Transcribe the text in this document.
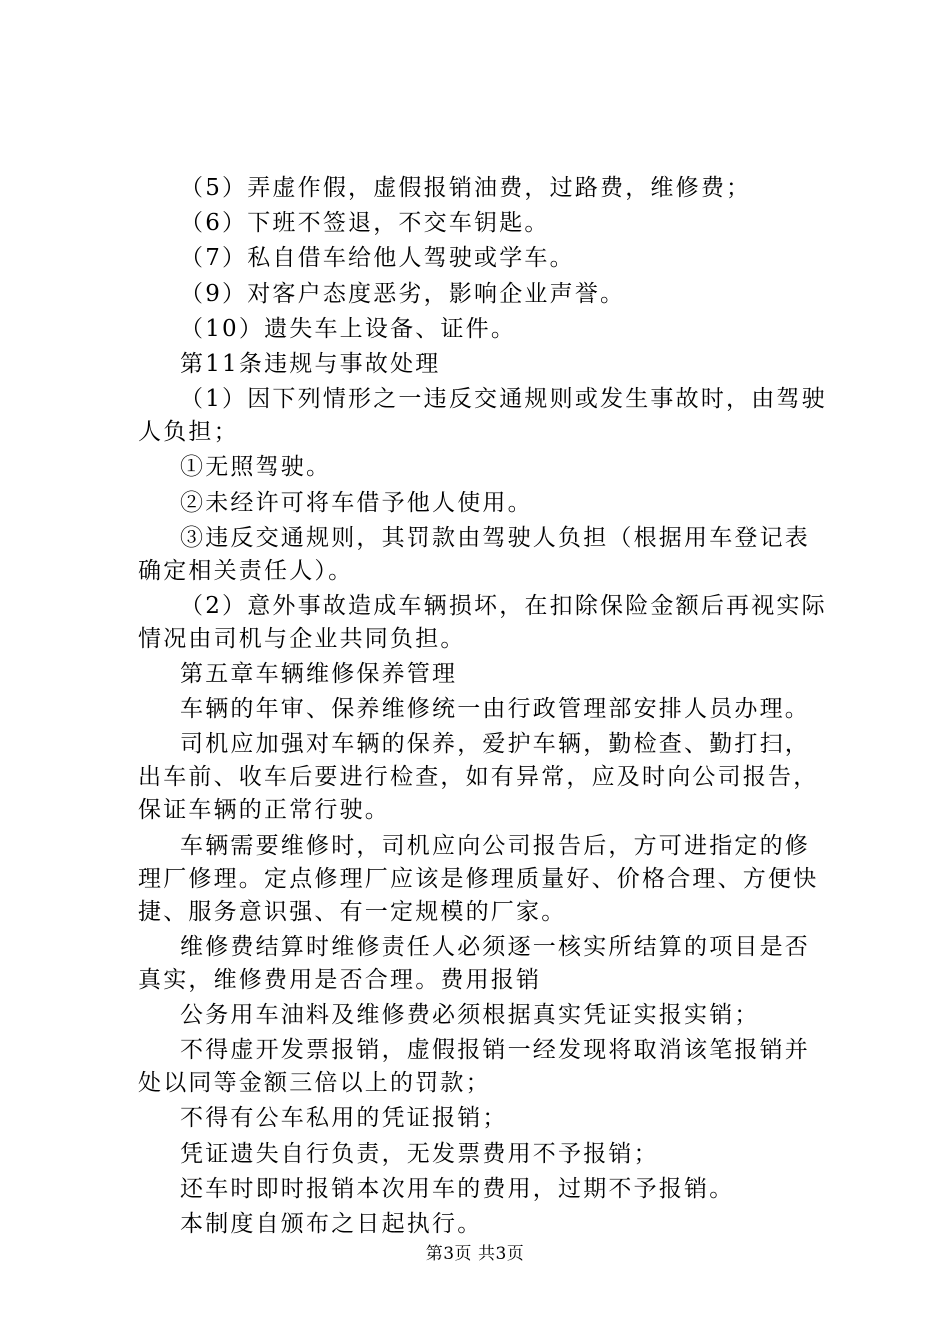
（5）弄虚作假，虚假报销油费，过路费，维修费；

（6）下班不签退，不交车钥匙。

（7）私自借车给他人驾驶或学车。

（9）对客户态度恶劣，影响企业声誉。

（10）遗失车上设备、证件。

第11条违规与事故处理

（1）因下列情形之一违反交通规则或发生事故时，由驾驶人负担；

①无照驾驶。

②未经许可将车借予他人使用。

③违反交通规则，其罚款由驾驶人负担（根据用车登记表确定相关责任人）。

（2）意外事故造成车辆损坏，在扣除保险金额后再视实际情况由司机与企业共同负担。

第五章车辆维修保养管理

车辆的年审、保养维修统一由行政管理部安排人员办理。

司机应加强对车辆的保养，爱护车辆，勤检查、勤打扫，出车前、收车后要进行检查，如有异常，应及时向公司报告，保证车辆的正常行驶。

车辆需要维修时，司机应向公司报告后，方可进指定的修理厂修理。定点修理厂应该是修理质量好、价格合理、方便快捷、服务意识强、有一定规模的厂家。

维修费结算时维修责任人必须逐一核实所结算的项目是否真实，维修费用是否合理。费用报销

公务用车油料及维修费必须根据真实凭证实报实销；

不得虚开发票报销，虚假报销一经发现将取消该笔报销并处以同等金额三倍以上的罚款；

不得有公车私用的凭证报销；

凭证遗失自行负责，无发票费用不予报销；

还车时即时报销本次用车的费用，过期不予报销。

本制度自颁布之日起执行。

第3页 共3页
